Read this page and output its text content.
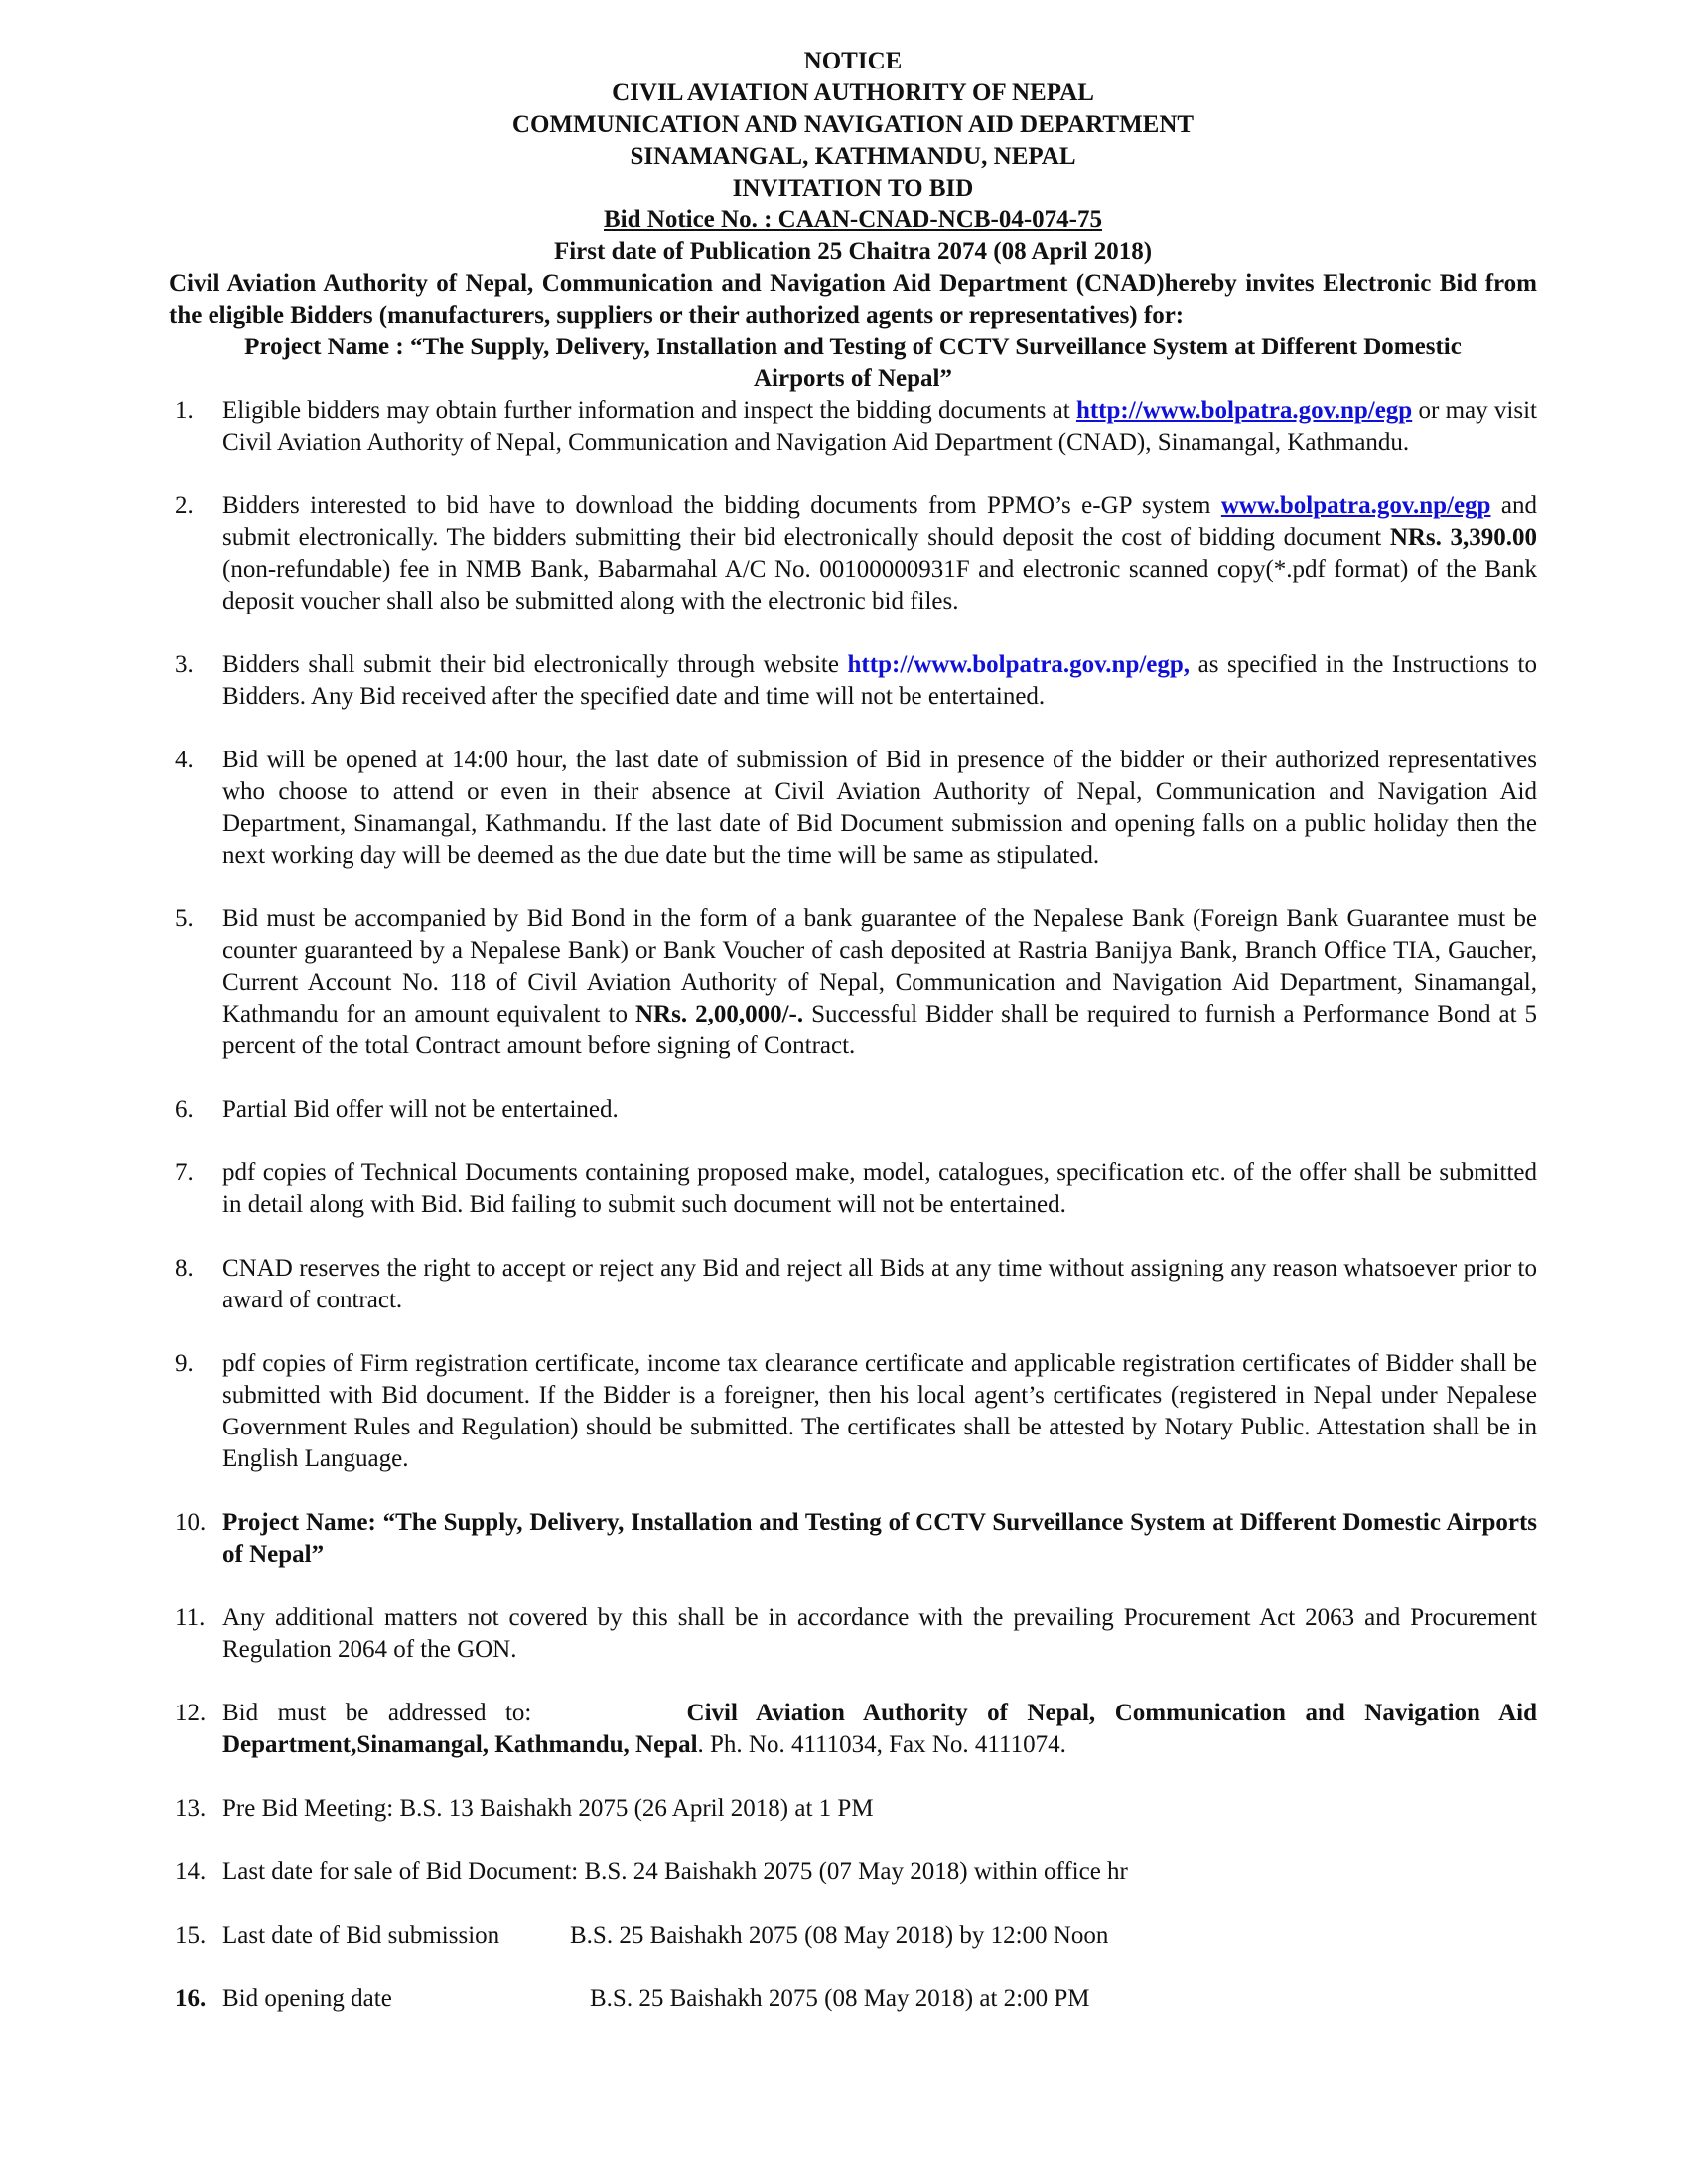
NOTICE
CIVIL AVIATION AUTHORITY OF NEPAL
COMMUNICATION AND NAVIGATION AID DEPARTMENT
SINAMANGAL, KATHMANDU, NEPAL
INVITATION TO BID
Bid Notice No. : CAAN-CNAD-NCB-04-074-75
First date of Publication 25 Chaitra 2074 (08 April 2018)
Civil Aviation Authority of Nepal, Communication and Navigation Aid Department (CNAD)hereby invites Electronic Bid from the eligible Bidders (manufacturers, suppliers or their authorized agents or representatives) for:
Project Name : “The Supply, Delivery, Installation and Testing of CCTV Surveillance System at Different Domestic Airports of Nepal”
1. Eligible bidders may obtain further information and inspect the bidding documents at http://www.bolpatra.gov.np/egp or may visit Civil Aviation Authority of Nepal, Communication and Navigation Aid Department (CNAD), Sinamangal, Kathmandu.
2. Bidders interested to bid have to download the bidding documents from PPMO’s e-GP system www.bolpatra.gov.np/egp and submit electronically. The bidders submitting their bid electronically should deposit the cost of bidding document NRs. 3,390.00 (non-refundable) fee in NMB Bank, Babarmahal A/C No. 00100000931F and electronic scanned copy(*.pdf format) of the Bank deposit voucher shall also be submitted along with the electronic bid files.
3. Bidders shall submit their bid electronically through website http://www.bolpatra.gov.np/egp, as specified in the Instructions to Bidders. Any Bid received after the specified date and time will not be entertained.
4. Bid will be opened at 14:00 hour, the last date of submission of Bid in presence of the bidder or their authorized representatives who choose to attend or even in their absence at Civil Aviation Authority of Nepal, Communication and Navigation Aid Department, Sinamangal, Kathmandu. If the last date of Bid Document submission and opening falls on a public holiday then the next working day will be deemed as the due date but the time will be same as stipulated.
5. Bid must be accompanied by Bid Bond in the form of a bank guarantee of the Nepalese Bank (Foreign Bank Guarantee must be counter guaranteed by a Nepalese Bank) or Bank Voucher of cash deposited at Rastria Banijya Bank, Branch Office TIA, Gaucher, Current Account No. 118 of Civil Aviation Authority of Nepal, Communication and Navigation Aid Department, Sinamangal, Kathmandu for an amount equivalent to NRs. 2,00,000/-. Successful Bidder shall be required to furnish a Performance Bond at 5 percent of the total Contract amount before signing of Contract.
6. Partial Bid offer will not be entertained.
7. pdf copies of Technical Documents containing proposed make, model, catalogues, specification etc. of the offer shall be submitted in detail along with Bid. Bid failing to submit such document will not be entertained.
8. CNAD reserves the right to accept or reject any Bid and reject all Bids at any time without assigning any reason whatsoever prior to award of contract.
9. pdf copies of Firm registration certificate, income tax clearance certificate and applicable registration certificates of Bidder shall be submitted with Bid document. If the Bidder is a foreigner, then his local agent’s certificates (registered in Nepal under Nepalese Government Rules and Regulation) should be submitted. The certificates shall be attested by Notary Public. Attestation shall be in English Language.
10. Project Name: “The Supply, Delivery, Installation and Testing of CCTV Surveillance System at Different Domestic Airports of Nepal”
11. Any additional matters not covered by this shall be in accordance with the prevailing Procurement Act 2063 and Procurement Regulation 2064 of the GON.
12. Bid must be addressed to:	Civil Aviation Authority of Nepal, Communication and Navigation Aid Department,Sinamangal, Kathmandu, Nepal. Ph. No. 4111034, Fax No. 4111074.
13. Pre Bid Meeting: B.S. 13 Baishakh 2075 (26 April 2018) at 1 PM
14. Last date for sale of Bid Document: B.S. 24 Baishakh 2075 (07 May 2018) within office hr
15. Last date of Bid submission	B.S. 25 Baishakh 2075 (08 May 2018) by 12:00 Noon
16. Bid opening date	B.S. 25 Baishakh 2075 (08 May 2018) at 2:00 PM
